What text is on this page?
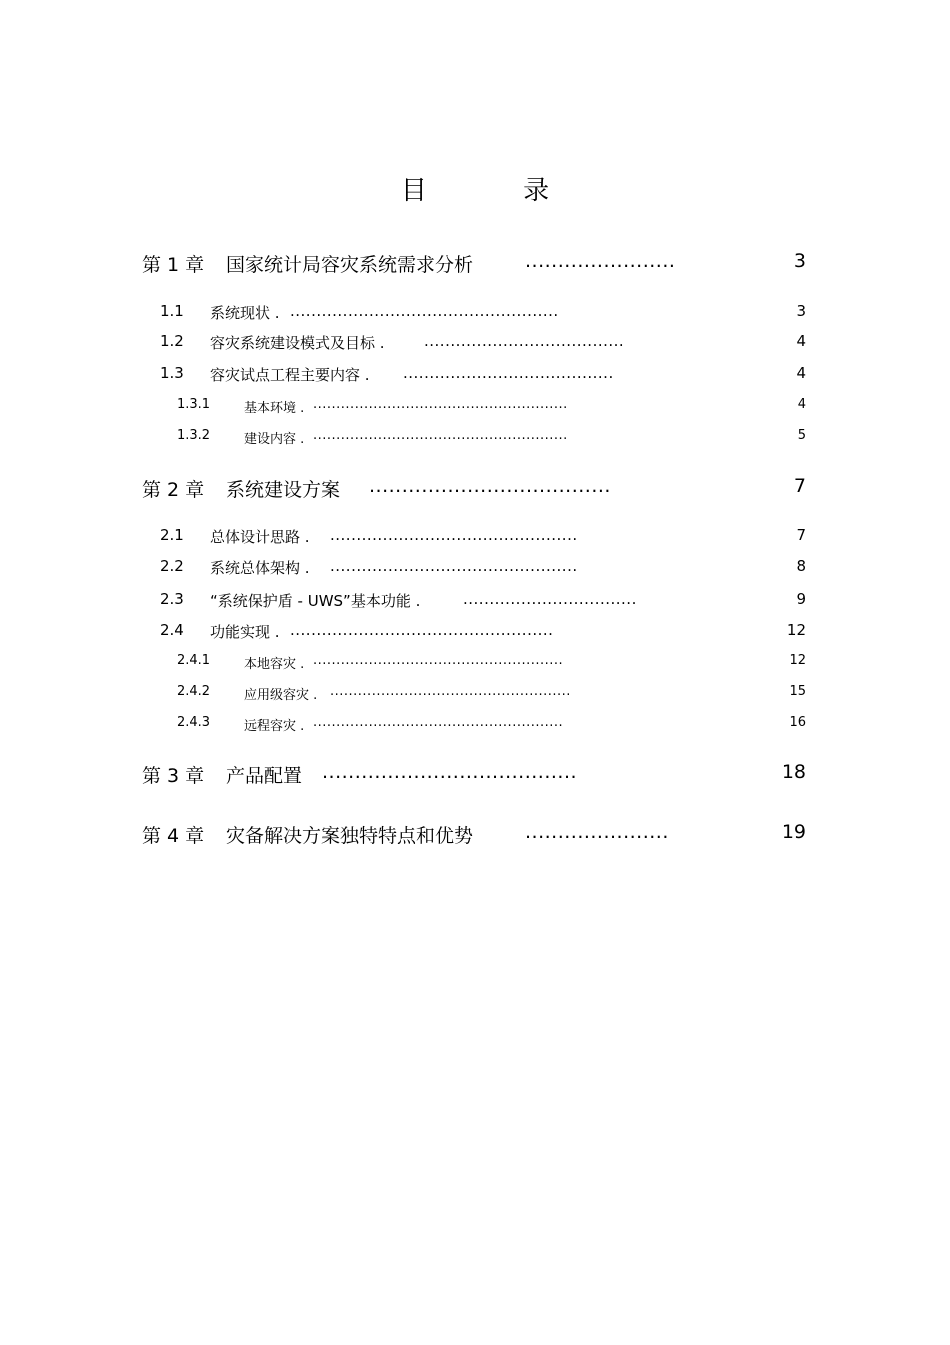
目 录
第 1 章 国家统计局容灾系统需求分析	.......................	3
1.1 系统现状 . ...................................................	3
1.2 容灾系统建设模式及目标 .	......................................	4
1.3 容灾试点工程主要内容 . ........................................	4
1.3.1	基本环境 . .......................................................	4
1.3.2	建设内容 . .......................................................	5
第 2 章 系统建设方案 .....................................	7
2.1 总体设计思路 . ...............................................	7
2.2 系统总体架构 . ...............................................	8
2.3 “系统保护盾 - UWS”基本功能 .	.................................	9
2.4 功能实现 . ..................................................	12
2.4.1	本地容灾 . ......................................................	12
2.4.2	应用级容灾 . ....................................................	15
2.4.3	远程容灾 . ......................................................	16
第 3 章 产品配置 .......................................	18
第 4 章 灾备解决方案独特特点和优势	......................	19
